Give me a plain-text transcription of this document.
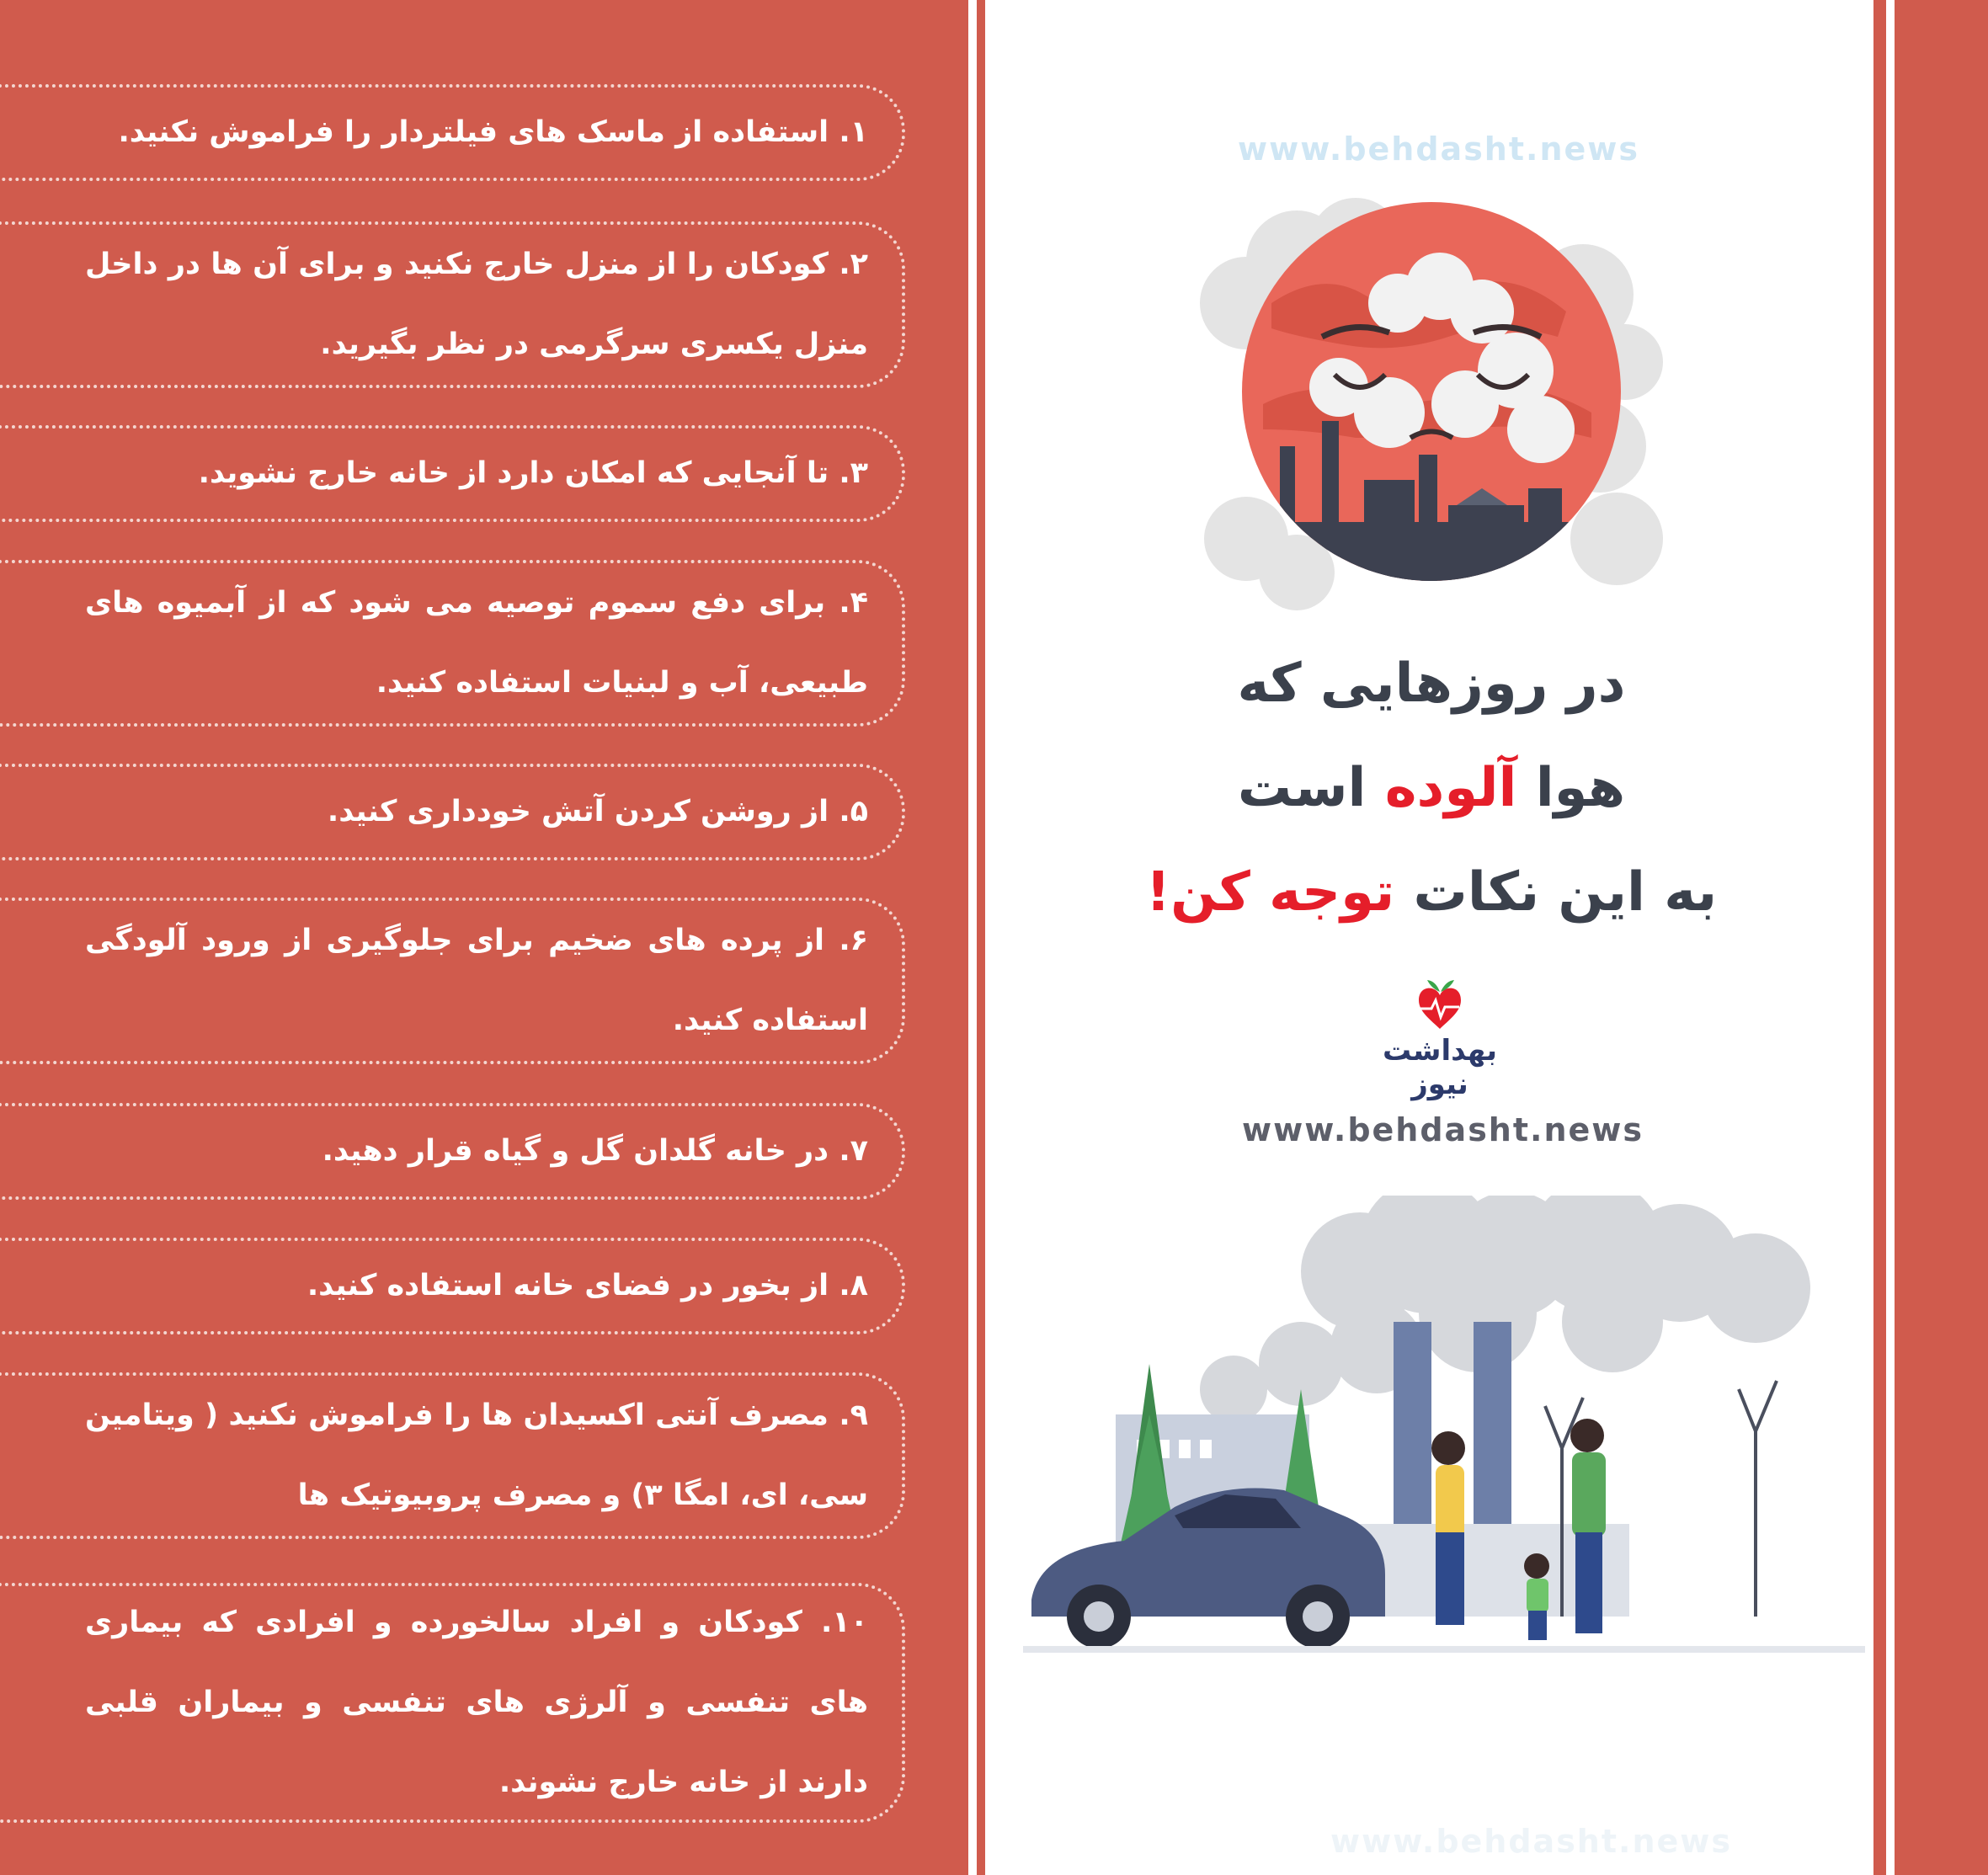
۱. استفاده از ماسک های فیلتردار را فراموش نکنید.
۲. کودکان را از منزل خارج نکنید و برای آن ها در داخل منزل یکسری سرگرمی در نظر بگیرید.
۳. تا آنجایی که امکان دارد از خانه خارج نشوید.
۴. برای دفع سموم توصیه می شود که از آبمیوه های طبیعی، آب و لبنیات استفاده کنید.
۵. از روشن کردن آتش خودداری کنید.
۶. از پرده های ضخیم برای جلوگیری از ورود آلودگی استفاده کنید.
۷. در خانه گلدان گل و گیاه قرار دهید.
۸. از بخور در فضای خانه استفاده کنید.
۹. مصرف آنتی اکسیدان ها را فراموش نکنید ( ویتامین سی، ای، امگا ۳) و مصرف پروبیوتیک ها
۱۰. کودکان و افراد سالخورده و افرادی که بیماری های تنفسی و آلرژی های تنفسی و بیماران قلبی دارند از خانه خارج نشوند.
www.behdasht.news
در روزهایی که
هوا آلوده است
به این نکات توجه کن!
بهداشت نیوز
www.behdasht.news
www.behdasht.news
